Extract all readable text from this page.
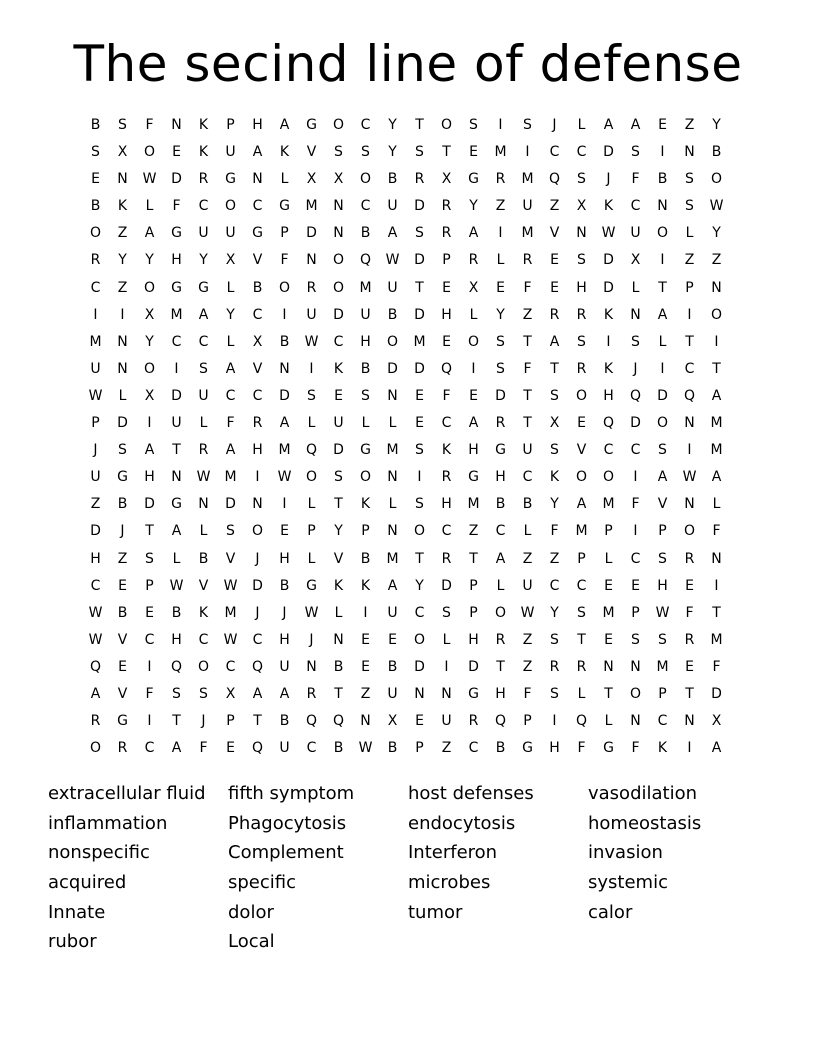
The secind line of defense
B S F N K P H A G O C Y T O S I S J L A A E Z Y
S X O E K U A K V S S Y S T E M I C C D S I N B
E N W D R G N L X X O B R X G R M Q S J F B S O
B K L F C O C G M N C U D R Y Z U Z X K C N S W
O Z A G U U G P D N B A S R A I M V N W U O L Y
R Y Y H Y X V F N O Q W D P R L R E S D X I Z Z
C Z O G G L B O R O M U T E X E F E H D L T P N
I I X M A Y C I U D U B D H L Y Z R R K N A I O
M N Y C C L X B W C H O M E O S T A S I S L T I
U N O I S A V N I K B D D Q I S F T R K J I C T
W L X D U C C D S E S N E F E D T S O H Q D Q A
P D I U L F R A L U L L E C A R T X E Q D O N M
J S A T R A H M Q D G M S K H G U S V C C S I M
U G H N W M I W O S O N I R G H C K O O I A W A
Z B D G N D N I L T K L S H M B B Y A M F V N L
D J T A L S O E P Y P N O C Z C L F M P I P O F
H Z S L B V J H L V B M T R T A Z Z P L C S R N
C E P W V W D B G K K A Y D P L U C C E E H E I
W B E B K M J J W L I U C S P O W Y S M P W F T
W V C H C W C H J N E E O L H R Z S T E S S R M
Q E I Q O C Q U N B E B D I D T Z R R N N M E F
A V F S S X A A R T Z U N N G H F S L T O P T D
R G I T J P T B Q Q N X E U R Q P I Q L N C N X
O R C A F E Q U C B W B P Z C B G H F G F K I A
extracellular fluid
inflammation
nonspecific
acquired
Innate
rubor
fifth symptom
Phagocytosis
Complement
specific
dolor
Local
host defenses
endocytosis
Interferon
microbes
tumor
vasodilation
homeostasis
invasion
systemic
calor
